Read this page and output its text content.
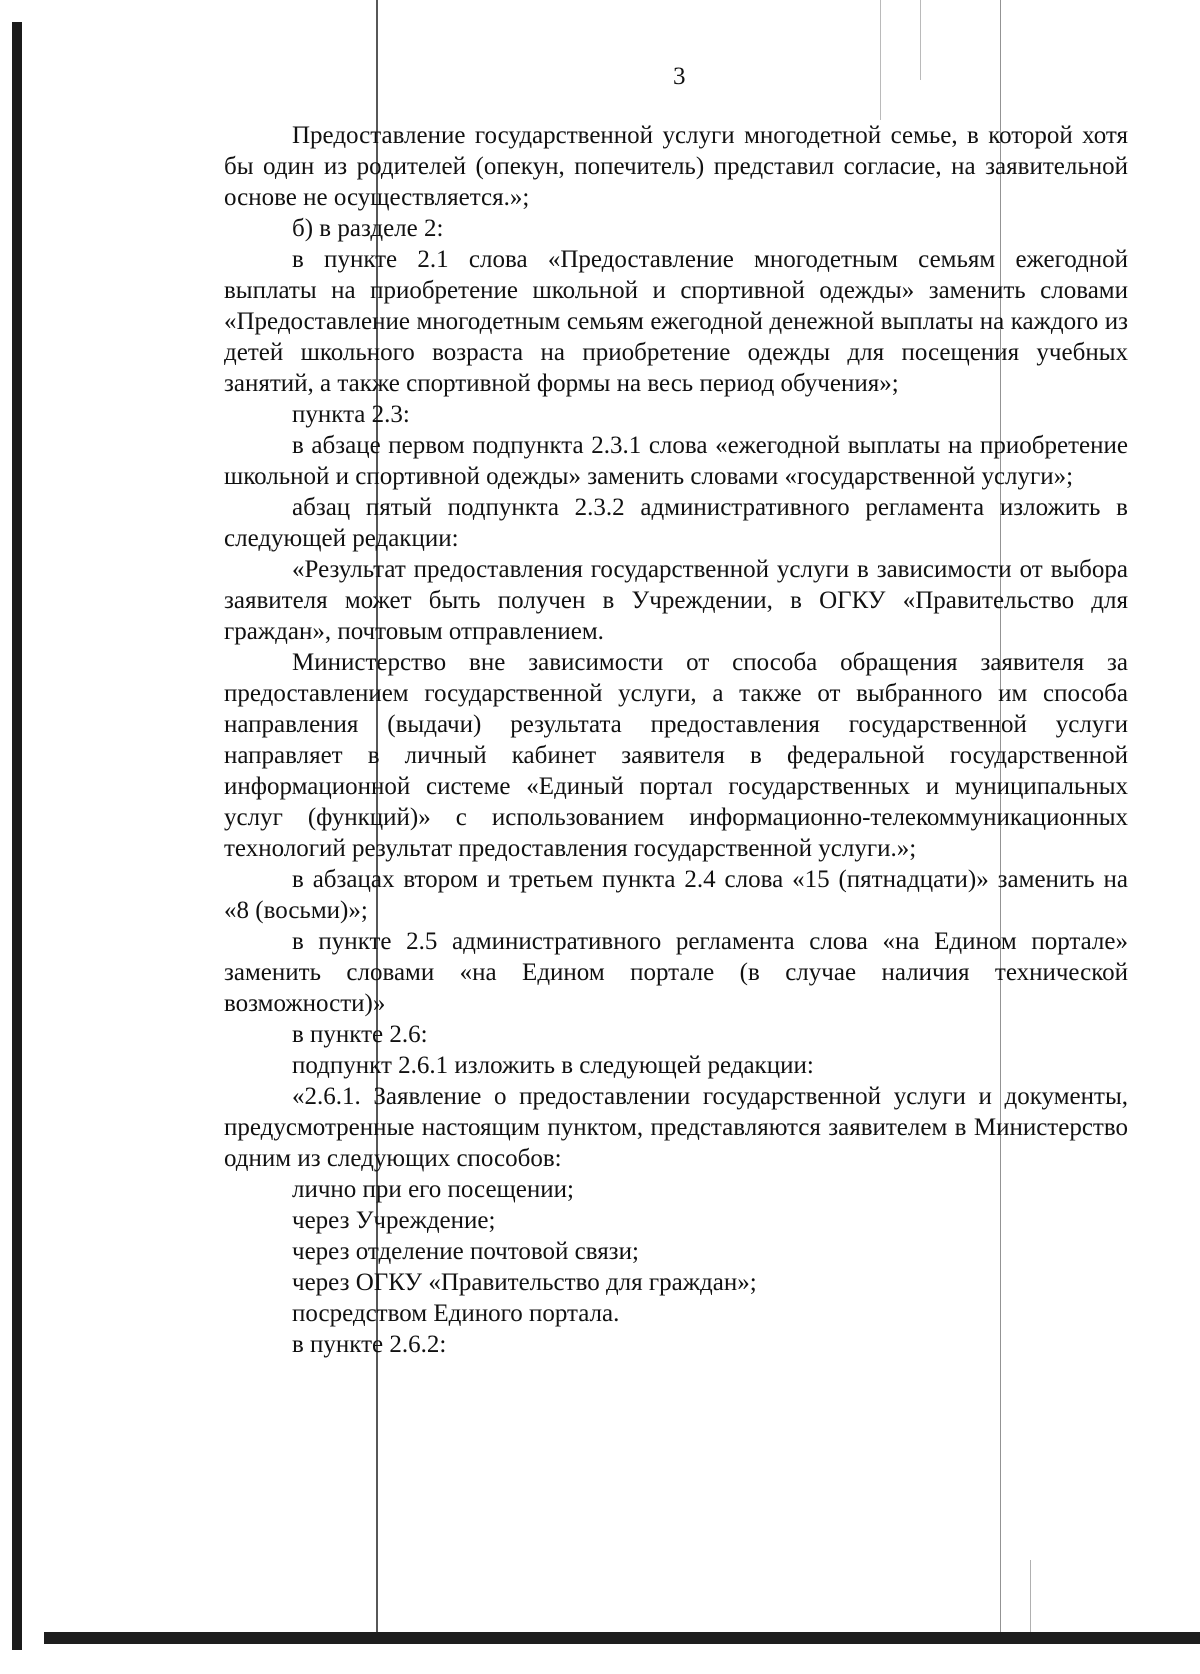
3

Предоставление государственной услуги многодетной семье, в которой хотя бы один из родителей (опекун, попечитель) представил согласие, на заявительной основе не осуществляется.»;

б) в разделе 2:

в пункте 2.1 слова «Предоставление многодетным семьям ежегодной выплаты на приобретение школьной и спортивной одежды» заменить словами «Предоставление многодетным семьям ежегодной денежной выплаты на каждого из детей школьного возраста на приобретение одежды для посещения учебных занятий, а также спортивной формы на весь период обучения»;

пункта 2.3:

в абзаце первом подпункта 2.3.1 слова «ежегодной выплаты на приобретение школьной и спортивной одежды» заменить словами «государственной услуги»;

абзац пятый подпункта 2.3.2 административного регламента изложить в следующей редакции:

«Результат предоставления государственной услуги в зависимости от выбора заявителя может быть получен в Учреждении, в ОГКУ «Правительство для граждан», почтовым отправлением.

Министерство вне зависимости от способа обращения заявителя за предоставлением государственной услуги, а также от выбранного им способа направления (выдачи) результата предоставления государственной услуги направляет в личный кабинет заявителя в федеральной государственной информационной системе «Единый портал государственных и муниципальных услуг (функций)» с использованием информационно-телекоммуникационных технологий результат предоставления государственной услуги.»;

в абзацах втором и третьем пункта 2.4 слова «15 (пятнадцати)» заменить на «8 (восьми)»;

в пункте 2.5 административного регламента слова «на Едином портале» заменить словами «на Едином портале (в случае наличия технической возможности)»

в пункте 2.6:

подпункт 2.6.1 изложить в следующей редакции:

«2.6.1. Заявление о предоставлении государственной услуги и документы, предусмотренные настоящим пунктом, представляются заявителем в Министерство одним из следующих способов:

лично при его посещении;

через Учреждение;

через отделение почтовой связи;

через ОГКУ «Правительство для граждан»;

посредством Единого портала.

в пункте 2.6.2:
